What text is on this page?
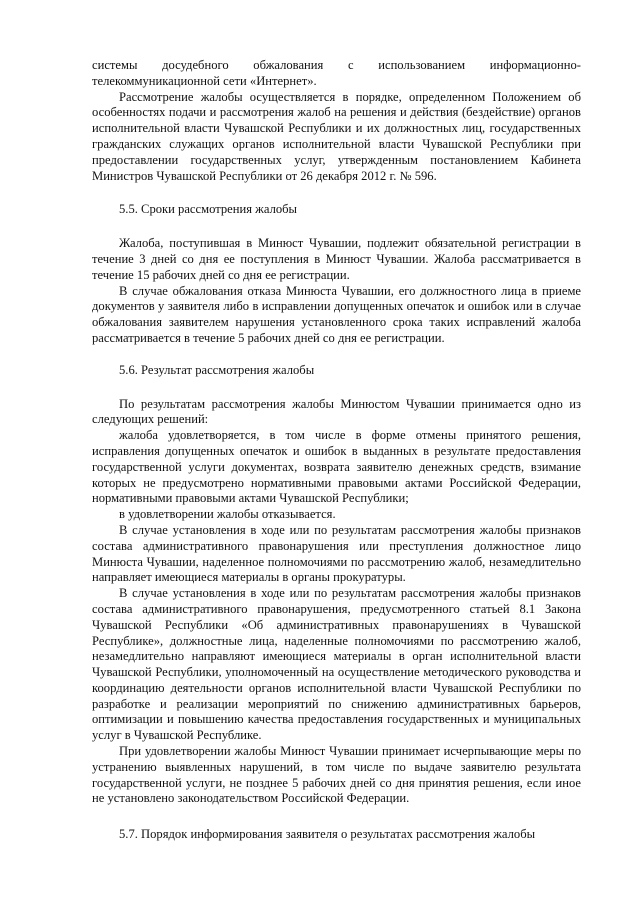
системы досудебного обжалования с использованием информационно-телекоммуникационной сети «Интернет».

Рассмотрение жалобы осуществляется в порядке, определенном Положением об особенностях подачи и рассмотрения жалоб на решения и действия (бездействие) органов исполнительной власти Чувашской Республики и их должностных лиц, государственных гражданских служащих органов исполнительной власти Чувашской Республики при предоставлении государственных услуг, утвержденным постановлением Кабинета Министров Чувашской Республики от 26 декабря 2012 г. № 596.

5.5. Сроки рассмотрения жалобы

Жалоба, поступившая в Минюст Чувашии, подлежит обязательной регистрации в течение 3 дней со дня ее поступления в Минюст Чувашии. Жалоба рассматривается в течение 15 рабочих дней со дня ее регистрации.

В случае обжалования отказа Минюста Чувашии, его должностного лица в приеме документов у заявителя либо в исправлении допущенных опечаток и ошибок или в случае обжалования заявителем нарушения установленного срока таких исправлений жалоба рассматривается в течение 5 рабочих дней со дня ее регистрации.

5.6. Результат рассмотрения жалобы

По результатам рассмотрения жалобы Минюстом Чувашии принимается одно из следующих решений:

жалоба удовлетворяется, в том числе в форме отмены принятого решения, исправления допущенных опечаток и ошибок в выданных в результате предоставления государственной услуги документах, возврата заявителю денежных средств, взимание которых не предусмотрено нормативными правовыми актами Российской Федерации, нормативными правовыми актами Чувашской Республики;

в удовлетворении жалобы отказывается.

В случае установления в ходе или по результатам рассмотрения жалобы признаков состава административного правонарушения или преступления должностное лицо Минюста Чувашии, наделенное полномочиями по рассмотрению жалоб, незамедлительно направляет имеющиеся материалы в органы прокуратуры.

В случае установления в ходе или по результатам рассмотрения жалобы признаков состава административного правонарушения, предусмотренного статьей 8.1 Закона Чувашской Республики «Об административных правонарушениях в Чувашской Республике», должностные лица, наделенные полномочиями по рассмотрению жалоб, незамедлительно направляют имеющиеся материалы в орган исполнительной власти Чувашской Республики, уполномоченный на осуществление методического руководства и координацию деятельности органов исполнительной власти Чувашской Республики по разработке и реализации мероприятий по снижению административных барьеров, оптимизации и повышению качества предоставления государственных и муниципальных услуг в Чувашской Республике.

При удовлетворении жалобы Минюст Чувашии принимает исчерпывающие меры по устранению выявленных нарушений, в том числе по выдаче заявителю результата государственной услуги, не позднее 5 рабочих дней со дня принятия решения, если иное не установлено законодательством Российской Федерации.

5.7. Порядок информирования заявителя о результатах рассмотрения жалобы
